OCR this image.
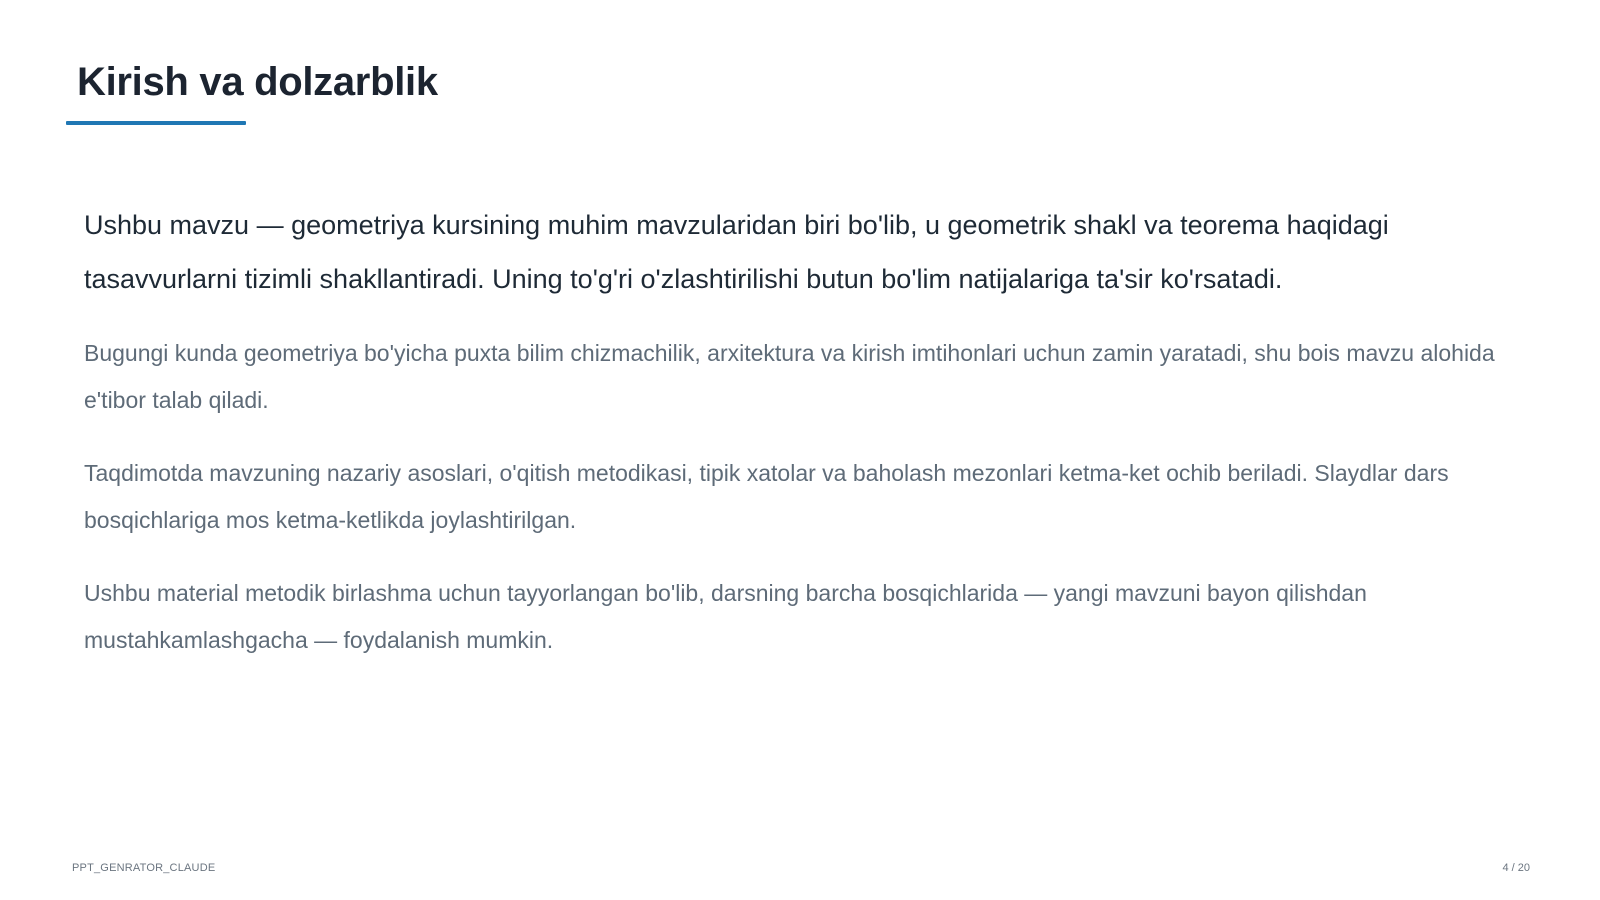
Kirish va dolzarblik

Ushbu mavzu — geometriya kursining muhim mavzularidan biri bo'lib, u geometrik shakl va teorema haqidagi tasavvurlarni tizimli shakllantiradi. Uning to'g'ri o'zlashtirilishi butun bo'lim natijalariga ta'sir ko'rsatadi.

Bugungi kunda geometriya bo'yicha puxta bilim chizmachilik, arxitektura va kirish imtihonlari uchun zamin yaratadi, shu bois mavzu alohida e'tibor talab qiladi.

Taqdimotda mavzuning nazariy asoslari, o'qitish metodikasi, tipik xatolar va baholash mezonlari ketma-ket ochib beriladi. Slaydlar dars bosqichlariga mos ketma-ketlikda joylashtirilgan.

Ushbu material metodik birlashma uchun tayyorlangan bo'lib, darsning barcha bosqichlarida — yangi mavzuni bayon qilishdan mustahkamlashgacha — foydalanish mumkin.

PPT_GENRATOR_CLAUDE	4 / 20
